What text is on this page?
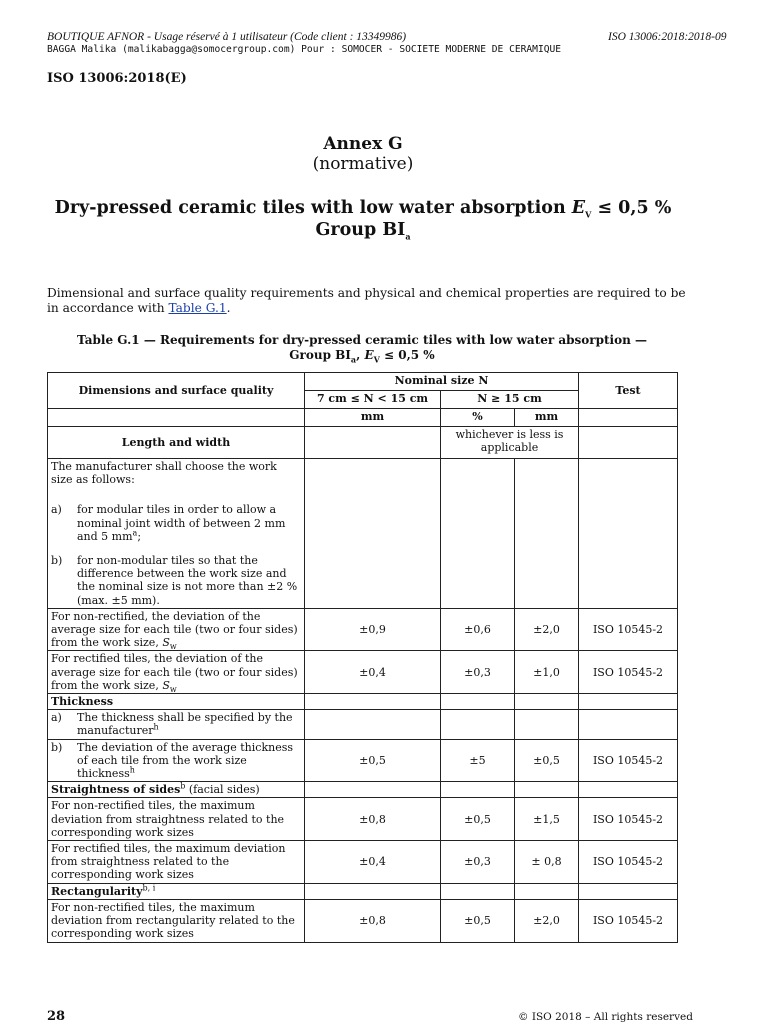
BOUTIQUE AFNOR - Usage réservé à 1 utilisateur (Code client : 13349986)	ISO 13006:2018:2018-09
BAGGA Malika (malikabagga@somocergroup.com) Pour : SOMOCER - SOCIETE MODERNE DE CERAMIQUE
ISO 13006:2018(E)
Annex G
(normative)
Dry-pressed ceramic tiles with low water absorption $E_V \le 0,5$ %
Group $BI_a$
Dimensional and surface quality requirements and physical and chemical properties are required to be in accordance with Table G.1.
Table G.1 — Requirements for dry-pressed ceramic tiles with low water absorption —
Group $BI_a$, $E_V \le 0,5$ %
Dimensions and surface quality	Nominal size N			Test
	7 cm ≤ N < 15 cm	N ≥ 15 cm		
	mm	%	mm	
Length and width		whichever is less is applicable		

The manufacturer shall choose the work size as follows:
a) for modular tiles in order to allow a nominal joint width of between 2 mm and 5 $mm^a$;
b) for non-modular tiles so that the difference between the work size and the nominal size is not more than ±2 % (max. ±5 mm).				

For non-rectified, the deviation of the average size for each tile (two or four sides) from the work size, $S_w$	±0,9	±0,6	±2,0	ISO 10545-2
For rectified tiles, the deviation of the average size for each tile (two or four sides) from the work size, $S_w$	±0,4	±0,3	±1,0	ISO 10545-2
Thickness				

a) The thickness shall be specified by the manufacturer$^h$

b) The deviation of the average thickness of each tile from the work size thickness$^h$	±0,5	±5	±0,5	ISO 10545-2
Straightness of sides$^b$ (facial sides)				
For non-rectified tiles, the maximum deviation from straightness related to the corresponding work sizes	±0,8	±0,5	±1,5	ISO 10545-2
For rectified tiles, the maximum deviation from straightness related to the corresponding work sizes	±0,4	±0,3	± 0,8	ISO 10545-2
Rectangularity$^{b, i}$				
For non-rectified tiles, the maximum deviation from rectangularity related to the corresponding work sizes	±0,8	±0,5	±2,0	ISO 10545-2
28	© ISO 2018 – All rights reserved
